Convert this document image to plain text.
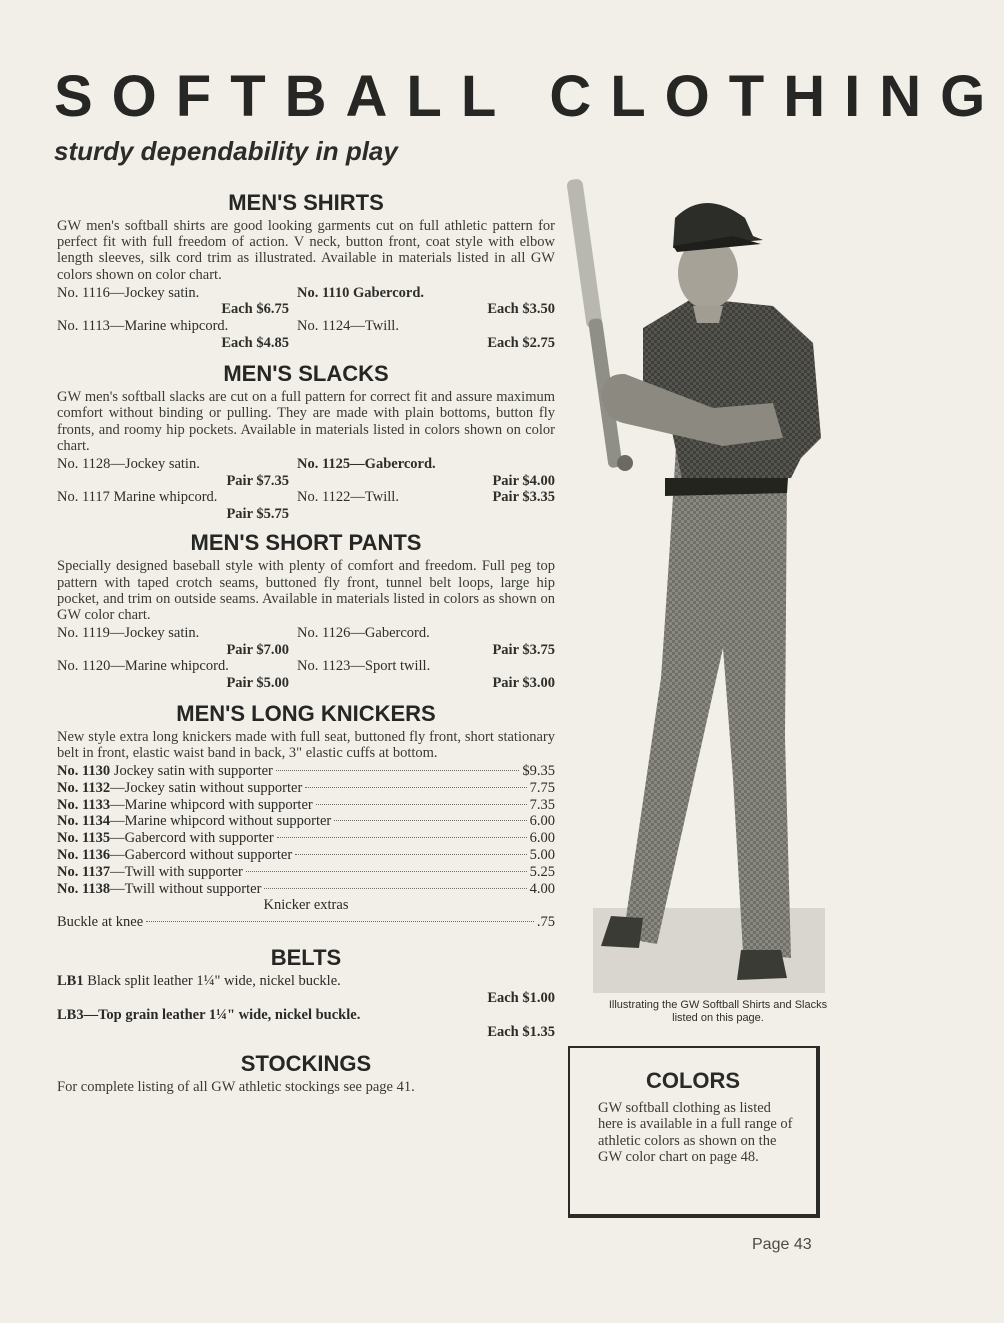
SOFTBALL CLOTHING
sturdy dependability in play
MEN'S SHIRTS

GW men's softball shirts are good looking garments cut on full athletic pattern for perfect fit with full freedom of action. V neck, button front, coat style with elbow length sleeves, silk cord trim as illustrated. Available in materials listed in all GW colors shown on color chart.

No. 1116—Jockey satin.	No. 1110 Gabercord.
Each $6.75	Each $3.50
No. 1113—Marine whipcord.	No. 1124—Twill.
Each $4.85	Each $2.75
MEN'S SLACKS

GW men's softball slacks are cut on a full pattern for correct fit and assure maximum comfort without binding or pulling. They are made with plain bottoms, button fly fronts, and roomy hip pockets. Available in materials listed in colors shown on color chart.

No. 1128—Jockey satin.	No. 1125—Gabercord.
Pair $7.35	Pair $4.00
No. 1117 Marine whipcord.	No. 1122—Twill.	Pair $3.35
Pair $5.75
MEN'S SHORT PANTS

Specially designed baseball style with plenty of comfort and freedom. Full peg top pattern with taped crotch seams, buttoned fly front, tunnel belt loops, large hip pocket, and trim on outside seams. Available in materials listed in colors as shown on GW color chart.

No. 1119—Jockey satin.	No. 1126—Gabercord.
Pair $7.00	Pair $3.75
No. 1120—Marine whipcord.	No. 1123—Sport twill.
Pair $5.00	Pair $3.00
MEN'S LONG KNICKERS

New style extra long knickers made with full seat, buttoned fly front, short stationary belt in front, elastic waist band in back, 3" elastic cuffs at bottom.

No. 1130 Jockey satin with supporter	$9.35
No. 1132—Jockey satin without supporter	7.75
No. 1133—Marine whipcord with supporter	7.35
No. 1134—Marine whipcord without supporter	6.00
No. 1135—Gabercord with supporter	6.00
No. 1136—Gabercord without supporter	5.00
No. 1137—Twill with supporter	5.25
No. 1138—Twill without supporter	4.00
Knicker extras
Buckle at knee	.75
BELTS
LB1 Black split leather 1¼" wide, nickel buckle.
Each $1.00
LB3—Top grain leather 1¼" wide, nickel buckle.
Each $1.35
STOCKINGS

For complete listing of all GW athletic stockings see page 41.

Illustrating the GW Softball Shirts and Slacks listed on this page.
COLORS
GW softball clothing as listed here is available in a full range of athletic colors as shown on the GW color chart on page 48.
Page 43
